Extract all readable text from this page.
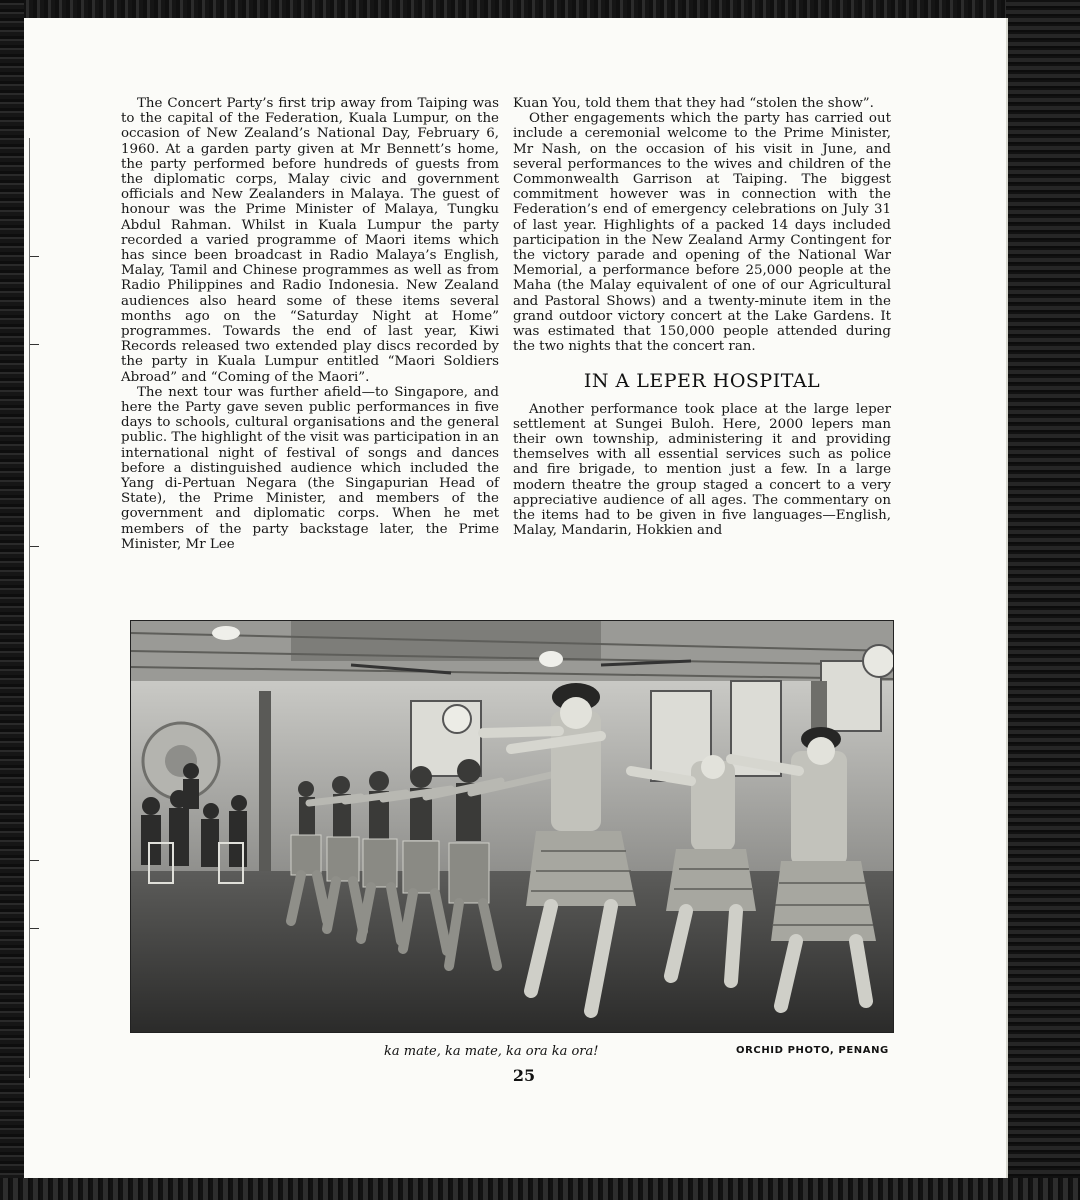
The Concert Party’s first trip away from Taiping was to the capital of the Federation, Kuala Lumpur, on the occasion of New Zealand’s National Day, February 6, 1960. At a garden party given at Mr Bennett’s home, the party performed before hundreds of guests from the diplomatic corps, Malay civic and government officials and New Zealanders in Malaya. The guest of honour was the Prime Minister of Malaya, Tungku Abdul Rahman. Whilst in Kuala Lumpur the party recorded a varied programme of Maori items which has since been broadcast in Radio Malaya’s English, Malay, Tamil and Chinese programmes as well as from Radio Philippines and Radio Indonesia. New Zealand audiences also heard some of these items several months ago on the “Saturday Night at Home” programmes. Towards the end of last year, Kiwi Records released two extended play discs recorded by the party in Kuala Lumpur entitled “Maori Soldiers Abroad” and “Coming of the Maori”.

The next tour was further afield—to Singapore, and here the Party gave seven public performances in five days to schools, cultural organisations and the general public. The highlight of the visit was participation in an international night of festival of songs and dances before a distinguished audience which included the Yang di-Pertuan Negara (the Singapurian Head of State), the Prime Minister, and members of the government and diplomatic corps. When he met members of the party backstage later, the Prime Minister, Mr Lee

Kuan You, told them that they had “stolen the show”.

Other engagements which the party has carried out include a ceremonial welcome to the Prime Minister, Mr Nash, on the occasion of his visit in June, and several performances to the wives and children of the Commonwealth Garrison at Taiping. The biggest commitment however was in connection with the Federation’s end of emergency celebrations on July 31 of last year. Highlights of a packed 14 days included participation in the New Zealand Army Contingent for the victory parade and opening of the National War Memorial, a performance before 25,000 people at the Maha (the Malay equivalent of one of our Agricultural and Pastoral Shows) and a twenty-minute item in the grand outdoor victory concert at the Lake Gardens. It was estimated that 150,000 people attended during the two nights that the concert ran.

IN A LEPER HOSPITAL

Another performance took place at the large leper settlement at Sungei Buloh. Here, 2000 lepers man their own township, administering it and providing themselves with all essential services such as police and fire brigade, to mention just a few. In a large modern theatre the group staged a concert to a very appreciative audience of all ages. The commentary on the items had to be given in five languages—English, Malay, Mandarin, Hokkien and

ka mate, ka mate, ka ora ka ora!	ORCHID PHOTO, PENANG
25
